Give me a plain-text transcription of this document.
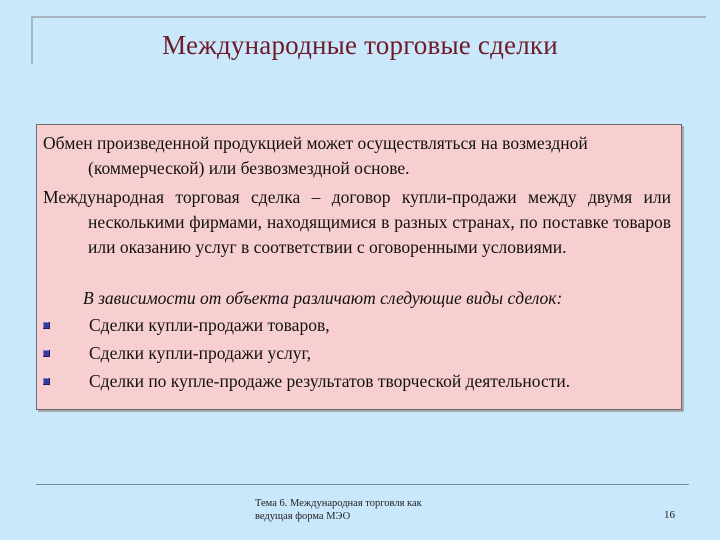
Международные торговые сделки

Обмен произведенной продукцией может осуществляться на возмездной (коммерческой) или безвозмездной основе.

Международная торговая сделка – договор купли-продажи между двумя или несколькими фирмами, находящимися в разных странах, по поставке товаров или оказанию услуг в соответствии с оговоренными условиями.

В зависимости от объекта различают следующие виды сделок:
Сделки купли-продажи товаров,
Сделки купли-продажи услуг,
Сделки по купле-продаже результатов творческой деятельности.
Тема 6. Международная торговля как ведущая форма МЭО	16
